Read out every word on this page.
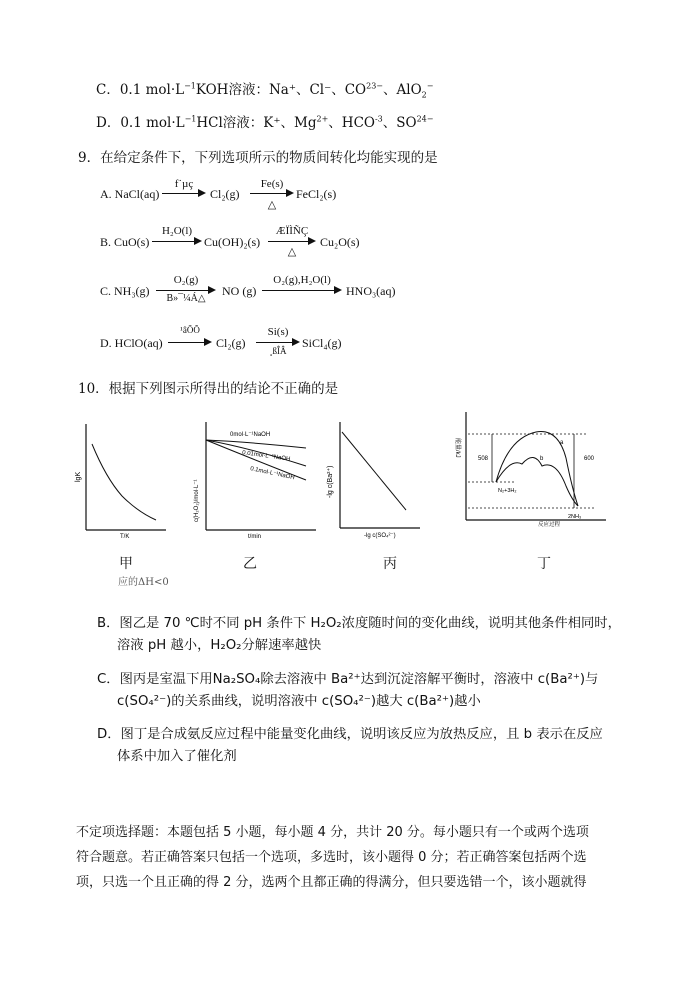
C．0.1 $mol\cdot L^{-1}KOH$溶液：Na⁺、Cl⁻、$CO^{23-}$、AlO$_2$−
D．0.1 $mol\cdot L^{-1}HCl$溶液：K⁺、$Mg^{2+}$、$HCO^{-3}$、$SO^{24-}$
9．在给定条件下，下列选项所示的物质间转化均能实现的是
A. NaCl(aq)
f˙µç
Cl₂(g)
Fe(s)
△
FeCl₂(s)
B. CuO(s)
H₂O(l)
Cu(OH)₂(s)
ÆÏÌÑÇ
△
Cu₂O(s)
C. NH₃(g)
O₂(g)
B»¯¼Á△
NO (g)
O₂(g),H₂O(l)
HNO₃(aq)
D. HClO(aq)
¹âÕÕ
Cl₂(g)
Si(s)
¸ßÎÂ
SiCl₄(g)
10．根据下列图示所得出的结论不正确的是
lgK
T/K
0mol·L⁻¹NaOH
0.01mol·L⁻¹NaOH
0.1mol·L⁻¹NaOH
c(H₂O₂)/mol·L⁻¹
t/min
-lg c(Ba²⁺)
-lg c(SO₄²⁻)
能量/kJ
508	600
N₂+3H₂
2NH₃
a
b
反应过程
甲	乙	丙	丁
应的ΔH<0
B．图乙是 70 ℃时不同 pH 条件下 H₂O₂浓度随时间的变化曲线，说明其他条件相同时，
溶液 pH 越小，H₂O₂分解速率越快
C．图丙是室温下用Na₂SO₄除去溶液中 Ba²⁺达到沉淀溶解平衡时，溶液中 c(Ba²⁺)与
c(SO₄²⁻)的关系曲线，说明溶液中 c(SO₄²⁻)越大 c(Ba²⁺)越小
D．图丁是合成氨反应过程中能量变化曲线，说明该反应为放热反应，且 b 表示在反应
体系中加入了催化剂
不定项选择题：本题包括 5 小题，每小题 4 分，共计 20 分。每小题只有一个或两个选项
符合题意。若正确答案只包括一个选项，多选时，该小题得 0 分；若正确答案包括两个选
项，只选一个且正确的得 2 分，选两个且都正确的得满分，但只要选错一个，该小题就得
